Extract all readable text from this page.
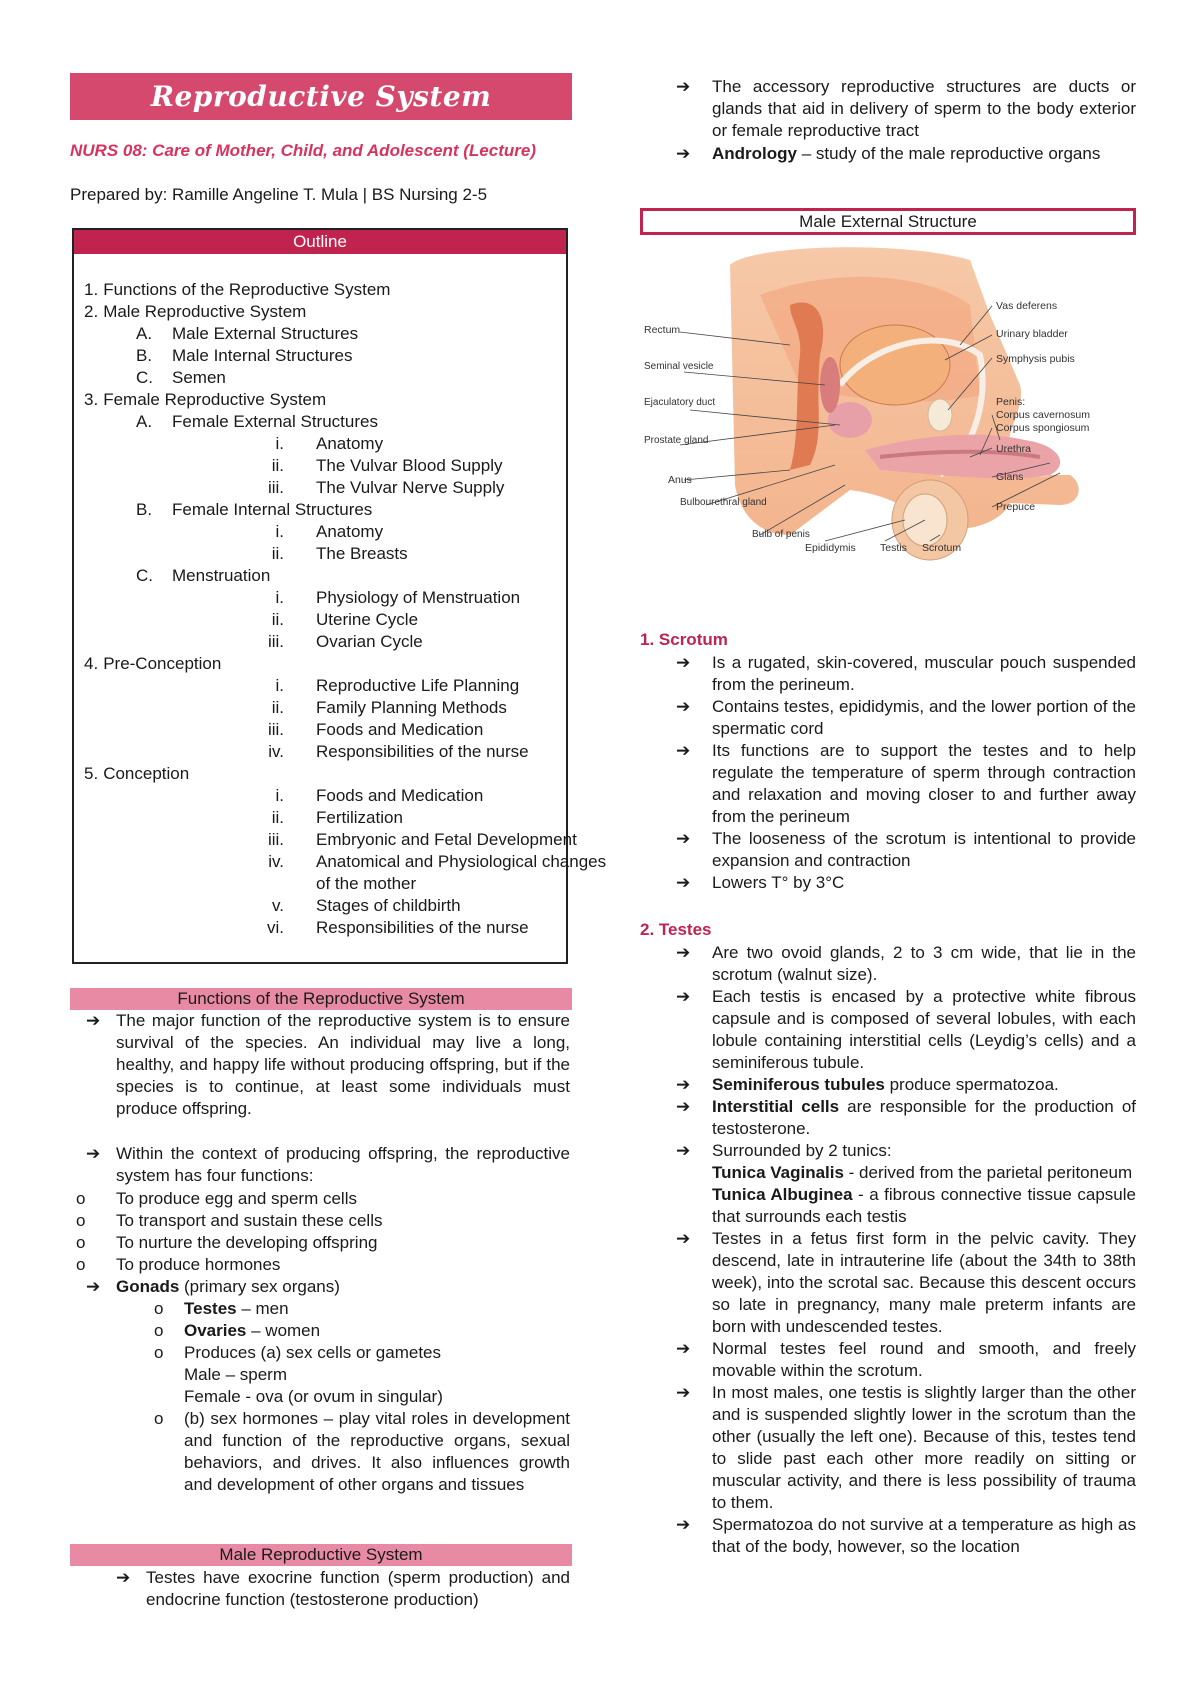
Reproductive System
NURS 08: Care of Mother, Child, and Adolescent (Lecture)
Prepared by: Ramille Angeline T. Mula | BS Nursing 2-5
Outline
1. Functions of the Reproductive System
2. Male Reproductive System
A.	Male External Structures
B.	Male Internal Structures
C.	Semen
3. Female Reproductive System
A.	Female External Structures
i. Anatomy
ii. The Vulvar Blood Supply
iii. The Vulvar Nerve Supply
B.	Female Internal Structures
i. Anatomy
ii. The Breasts
C.	Menstruation
i. Physiology of Menstruation
ii. Uterine Cycle
iii. Ovarian Cycle
4. Pre-Conception
i. Reproductive Life Planning
ii. Family Planning Methods
iii. Foods and Medication
iv. Responsibilities of the nurse
5. Conception
i. Foods and Medication
ii. Fertilization
iii. Embryonic and Fetal Development
iv. Anatomical and Physiological changes of the mother
v. Stages of childbirth
vi. Responsibilities of the nurse
Functions of the Reproductive System
➔ The major function of the reproductive system is to ensure survival of the species. An individual may live a long, healthy, and happy life without producing offspring, but if the species is to continue, at least some individuals must produce offspring.
➔ Within the context of producing offspring, the reproductive system has four functions:
o To produce egg and sperm cells
o To transport and sustain these cells
o To nurture the developing offspring
o To produce hormones
➔ Gonads (primary sex organs)
o Testes – men
o Ovaries – women
o Produces (a) sex cells or gametes
Male – sperm
Female - ova (or ovum in singular)
o (b) sex hormones – play vital roles in development and function of the reproductive organs, sexual behaviors, and drives. It also influences growth and development of other organs and tissues
Male Reproductive System
➔ Testes have exocrine function (sperm production) and endocrine function (testosterone production)
➔ The accessory reproductive structures are ducts or glands that aid in delivery of sperm to the body exterior or female reproductive tract
➔ Andrology – study of the male reproductive organs
Male External Structure
Rectum
Seminal vesicle
Ejaculatory duct
Prostate gland
Anus
Bulbourethral gland
Bulb of penis
Epididymis Testis Scrotum
Vas deferens
Urinary bladder
Symphysis pubis
Penis:
Corpus cavernosum
Corpus spongiosum
Urethra
Glans
Prepuce
1. Scrotum
➔ Is a rugated, skin-covered, muscular pouch suspended from the perineum.
➔ Contains testes, epididymis, and the lower portion of the spermatic cord
➔ Its functions are to support the testes and to help regulate the temperature of sperm through contraction and relaxation and moving closer to and further away from the perineum
➔ The looseness of the scrotum is intentional to provide expansion and contraction
➔ Lowers T° by 3°C
2. Testes
➔ Are two ovoid glands, 2 to 3 cm wide, that lie in the scrotum (walnut size).
➔ Each testis is encased by a protective white fibrous capsule and is composed of several lobules, with each lobule containing interstitial cells (Leydig’s cells) and a seminiferous tubule.
➔ Seminiferous tubules produce spermatozoa.
➔ Interstitial cells are responsible for the production of testosterone.
➔ Surrounded by 2 tunics:
Tunica Vaginalis - derived from the parietal peritoneum
Tunica Albuginea - a fibrous connective tissue capsule that surrounds each testis
➔ Testes in a fetus first form in the pelvic cavity. They descend, late in intrauterine life (about the 34th to 38th week), into the scrotal sac. Because this descent occurs so late in pregnancy, many male preterm infants are born with undescended testes.
➔ Normal testes feel round and smooth, and freely movable within the scrotum.
➔ In most males, one testis is slightly larger than the other and is suspended slightly lower in the scrotum than the other (usually the left one). Because of this, testes tend to slide past each other more readily on sitting or muscular activity, and there is less possibility of trauma to them.
➔ Spermatozoa do not survive at a temperature as high as that of the body, however, so the location
